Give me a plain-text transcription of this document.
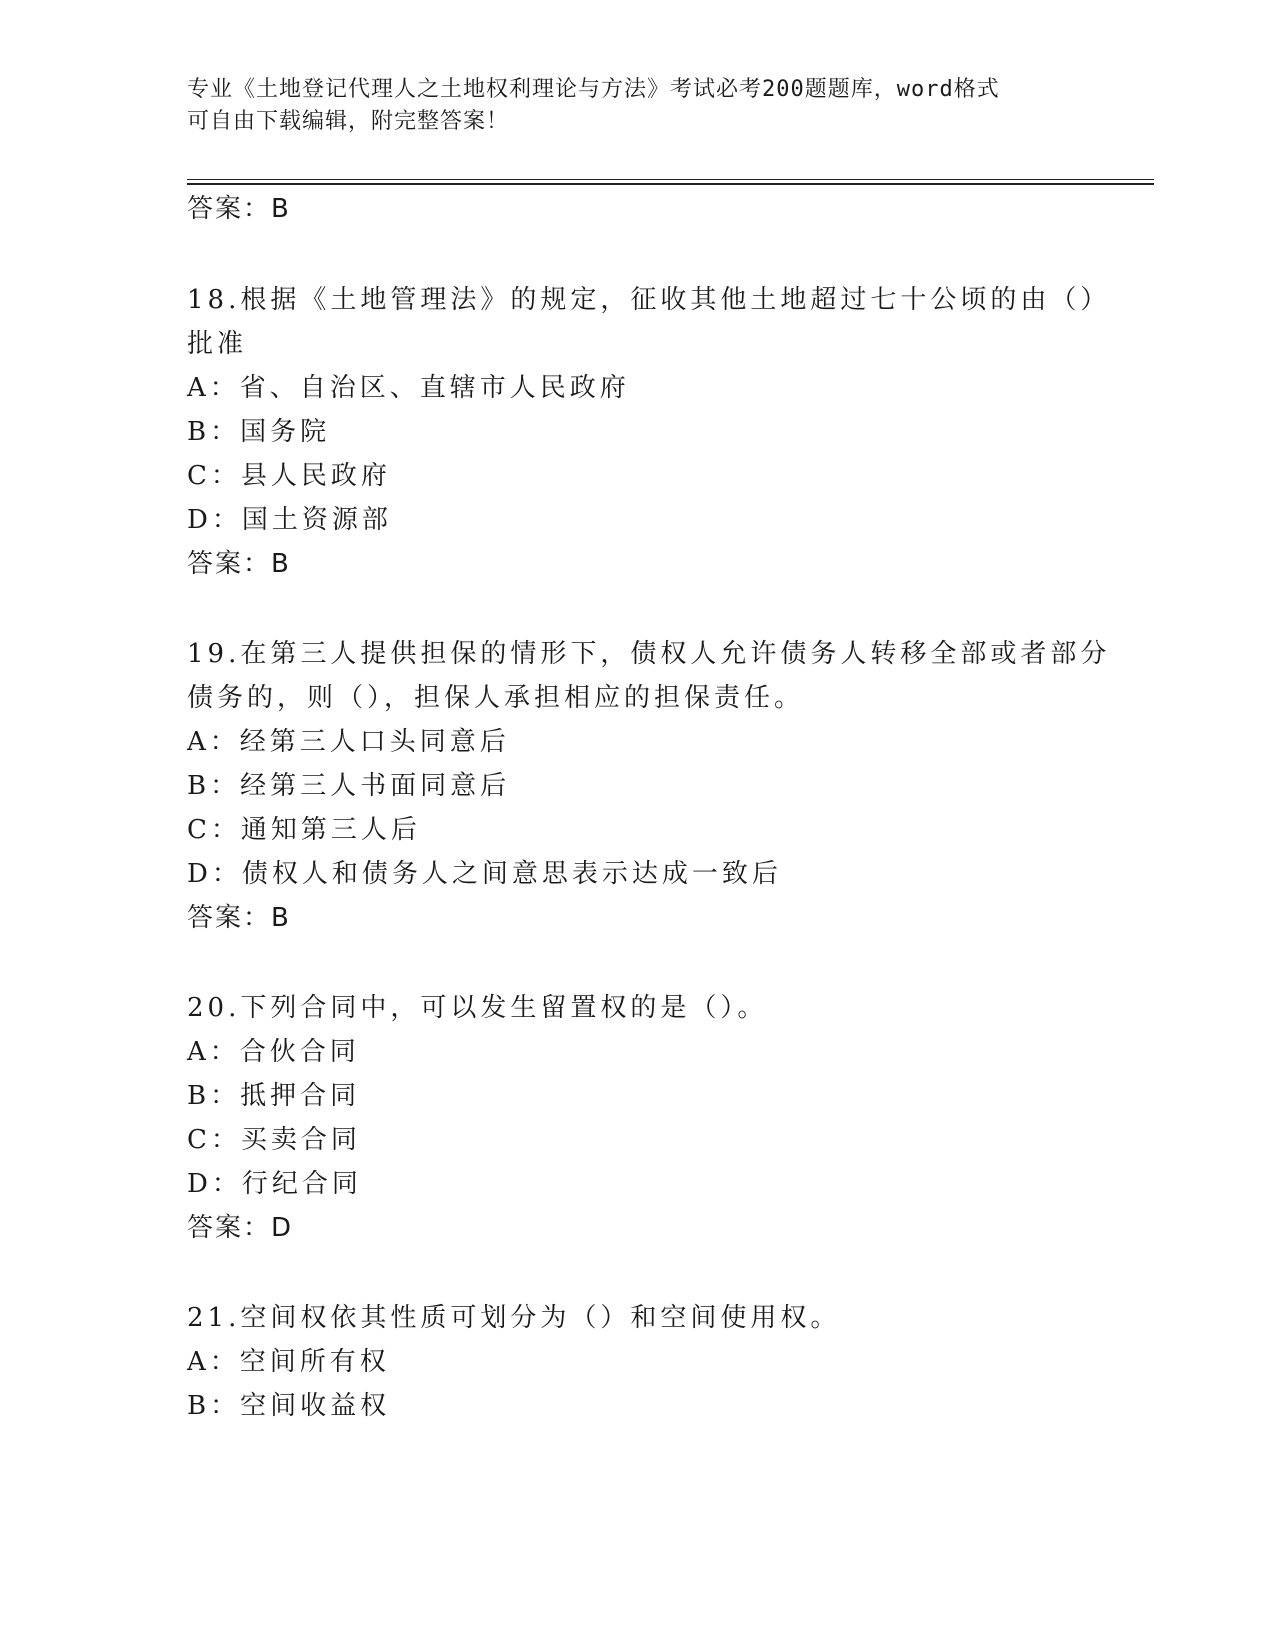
专业《土地登记代理人之土地权利理论与方法》考试必考200题题库，word格式
可自由下载编辑，附完整答案！
答案：B
18.根据《土地管理法》的规定，征收其他土地超过七十公顷的由（）
批准
A：省、自治区、直辖市人民政府
B：国务院
C：县人民政府
D：国土资源部
答案：B
19.在第三人提供担保的情形下，债权人允许债务人转移全部或者部分
债务的，则（），担保人承担相应的担保责任。
A：经第三人口头同意后
B：经第三人书面同意后
C：通知第三人后
D：债权人和债务人之间意思表示达成一致后
答案：B
20.下列合同中，可以发生留置权的是（）。
A：合伙合同
B：抵押合同
C：买卖合同
D：行纪合同
答案：D
21.空间权依其性质可划分为（）和空间使用权。
A：空间所有权
B：空间收益权
